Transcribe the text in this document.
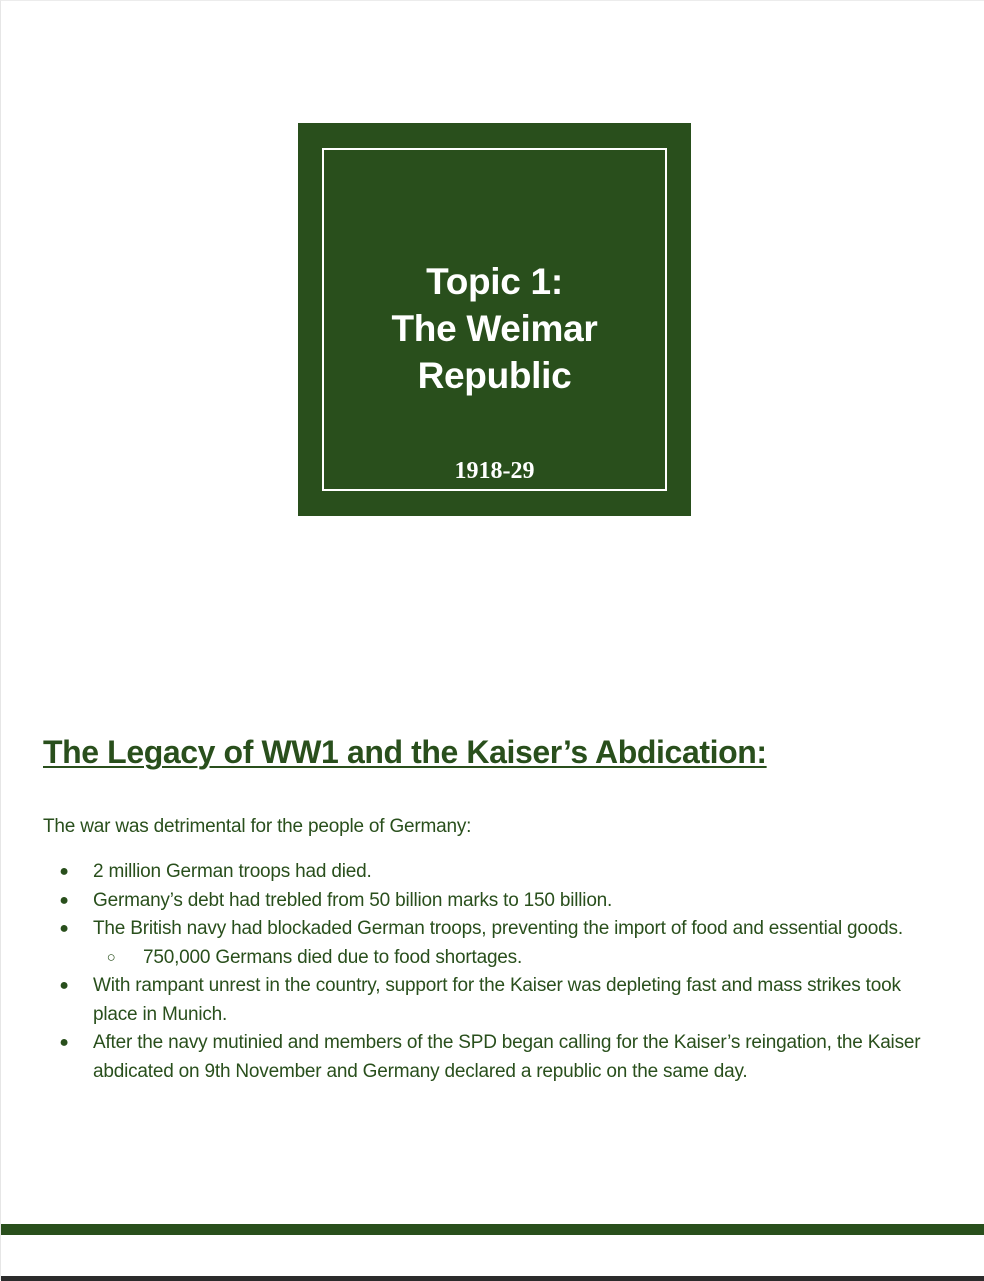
Topic 1:
The Weimar
Republic
1918-29
The Legacy of WW1 and the Kaiser’s Abdication:

The war was detrimental for the people of Germany:

● 2 million German troops had died.
● Germany’s debt had trebled from 50 billion marks to 150 billion.
● The British navy had blockaded German troops, preventing the import of food and essential goods.
○ 750,000 Germans died due to food shortages.
● With rampant unrest in the country, support for the Kaiser was depleting fast and mass strikes took place in Munich.
● After the navy mutinied and members of the SPD began calling for the Kaiser’s reingation, the Kaiser abdicated on 9th November and Germany declared a republic on the same day.
